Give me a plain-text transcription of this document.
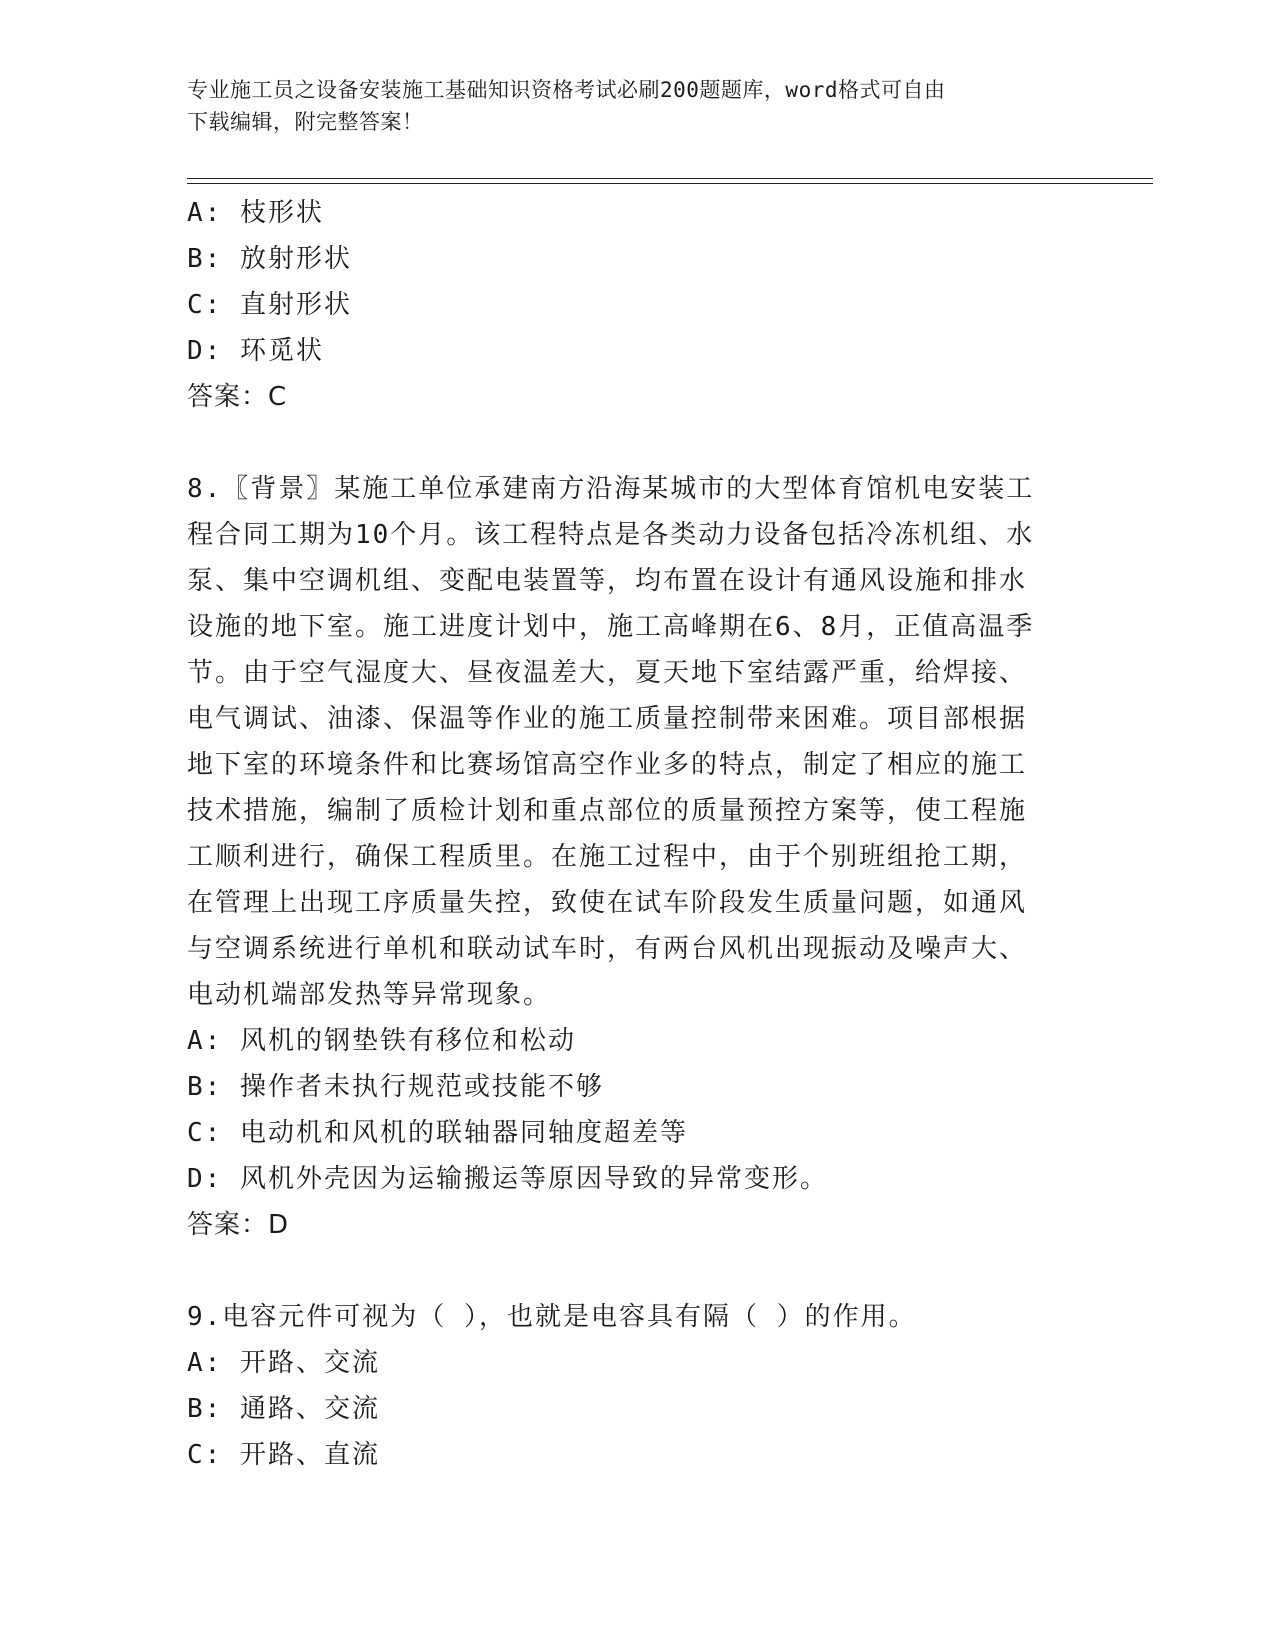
专业施工员之设备安装施工基础知识资格考试必刷200题题库，word格式可自由
下载编辑，附完整答案！
A: 枝形状
B: 放射形状
C: 直射形状
D: 环觅状
答案：C
8.〖背景〗某施工单位承建南方沿海某城市的大型体育馆机电安装工
程合同工期为10个月。该工程特点是各类动力设备包括冷冻机组、水
泵、集中空调机组、变配电装置等，均布置在设计有通风设施和排水
设施的地下室。施工进度计划中，施工高峰期在6、8月，正值高温季
节。由于空气湿度大、昼夜温差大，夏天地下室结露严重，给焊接、
电气调试、油漆、保温等作业的施工质量控制带来困难。项目部根据
地下室的环境条件和比赛场馆高空作业多的特点，制定了相应的施工
技术措施，编制了质检计划和重点部位的质量预控方案等，使工程施
工顺利进行，确保工程质里。在施工过程中，由于个别班组抢工期，
在管理上出现工序质量失控，致使在试车阶段发生质量问题，如通风
与空调系统进行单机和联动试车时，有两台风机出现振动及噪声大、
电动机端部发热等异常现象。
A: 风机的钢垫铁有移位和松动
B: 操作者未执行规范或技能不够
C: 电动机和风机的联轴器同轴度超差等
D: 风机外壳因为运输搬运等原因导致的异常变形。
答案：D
9.电容元件可视为（ ），也就是电容具有隔（ ）的作用。
A: 开路、交流
B: 通路、交流
C: 开路、直流
